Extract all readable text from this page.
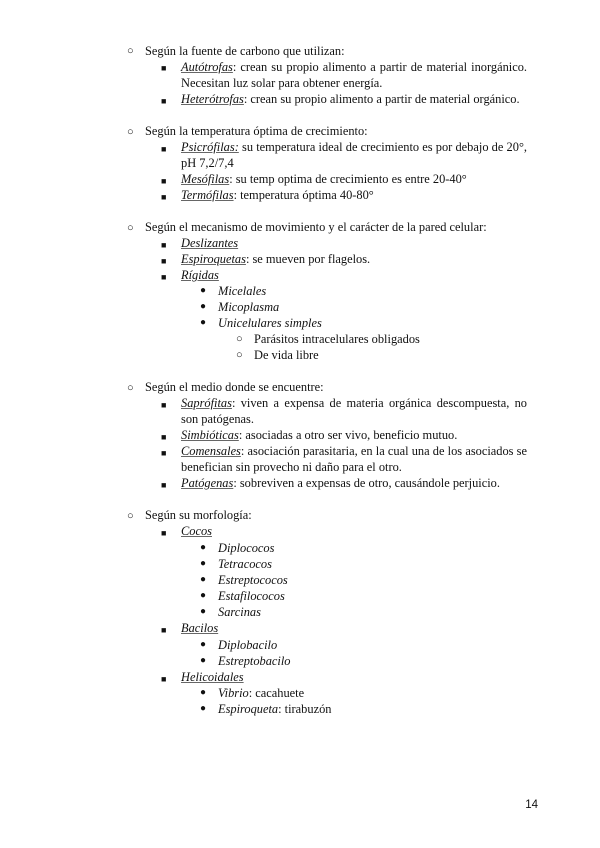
○ Según la fuente de carbono que utilizan:
■	Autótrofas: crean su propio alimento a partir de material inorgánico. Necesitan luz solar para obtener energía.
■	Heterótrofas: crean su propio alimento a partir de material orgánico.
○ Según la temperatura óptima de crecimiento:
■	Psicrófilas: su temperatura ideal de crecimiento es por debajo de 20°, pH 7,2/7,4
■	Mesófilas: su temp optima de crecimiento es entre 20-40°
■	Termófilas: temperatura óptima 40-80°
○ Según el mecanismo de movimiento y el carácter de la pared celular:
■	Deslizantes
■	Espiroquetas: se mueven por flagelos.
■	Rígidas
● Micelales
● Micoplasma
● Unicelulares simples
○ Parásitos intracelulares obligados
○ De vida libre
○ Según el medio donde se encuentre:
■	Saprófitas: viven a expensa de materia orgánica descompuesta, no son patógenas.
■	Simbióticas: asociadas a otro ser vivo, beneficio mutuo.
■	Comensales: asociación parasitaria, en la cual una de los asociados se benefician sin provecho ni daño para el otro.
■	Patógenas: sobreviven a expensas de otro, causándole perjuicio.
○ Según su morfología:
■	Cocos
● Diplococos
● Tetracocos
● Estreptococos
● Estafilococos
● Sarcinas
■	Bacilos
● Diplobacilo
● Estreptobacilo
■	Helicoidales
● Vibrio: cacahuete
● Espiroqueta: tirabuzón
14
